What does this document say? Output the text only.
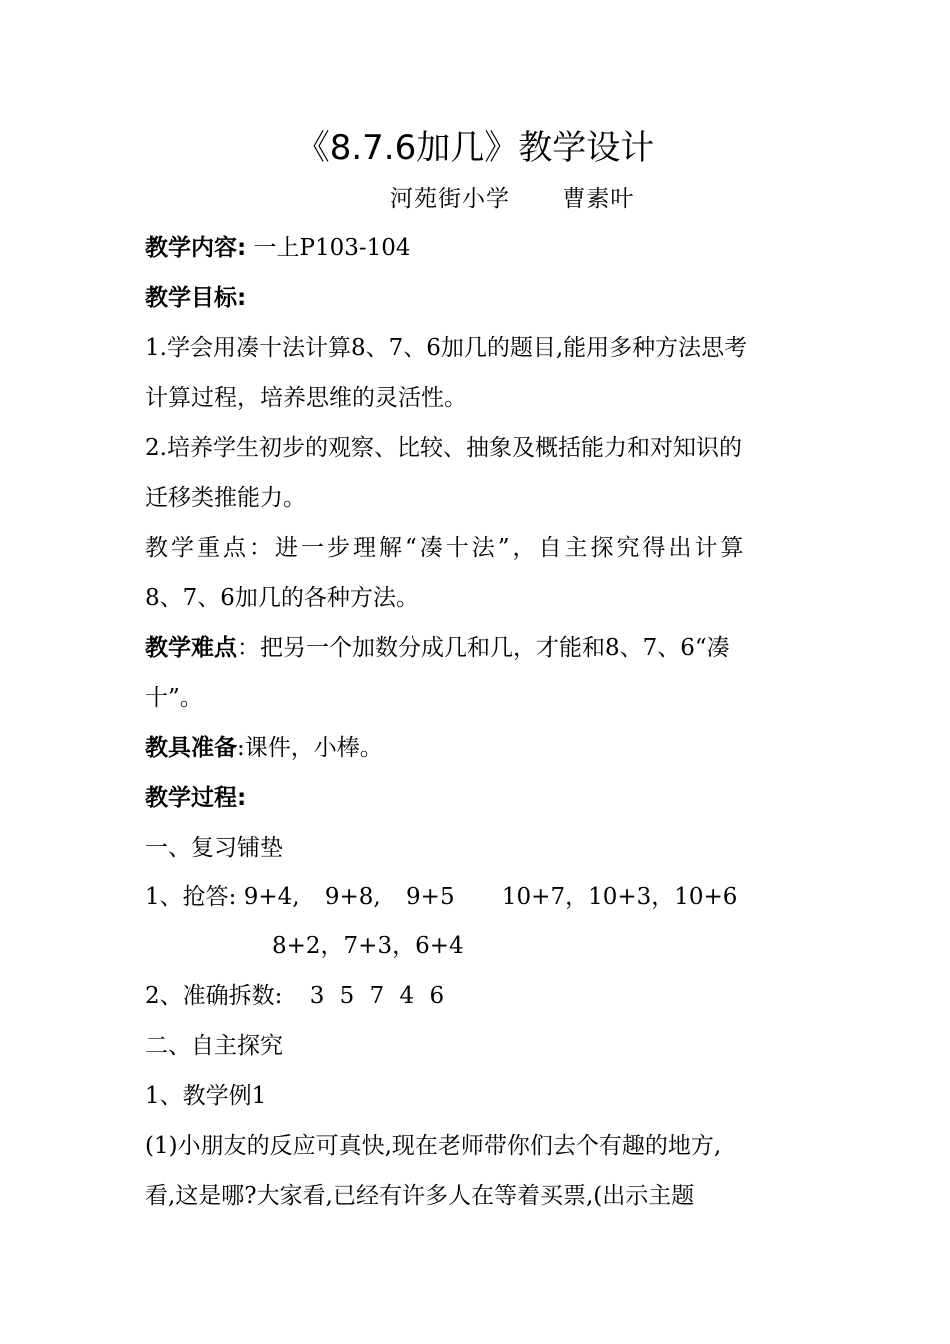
《8.7.6加几》教学设计
河苑街小学 曹素叶
教学内容: 一上P103-104
教学目标:
1.学会用凑十法计算8、7、6加几的题目,能用多种方法思考
计算过程，培养思维的灵活性。
2.培养学生初步的观察、比较、抽象及概括能力和对知识的
迁移类推能力。
教学重点：进一步理解“凑十法”，自主探究得出计算
8、7、6加几的各种方法。
教学难点：把另一个加数分成几和几，才能和8、7、6“凑
十”。
教具准备:课件，小棒。
教学过程:
一、复习铺垫
1、抢答: 9+4, 9+8, 9+5 10+7，10+3，10+6
8+2，7+3，6+4
2、准确拆数: 3 5 7 4 6
二、自主探究
1、教学例1
(1)小朋友的反应可真快,现在老师带你们去个有趣的地方,
看,这是哪?大家看,已经有许多人在等着买票,(出示主题
